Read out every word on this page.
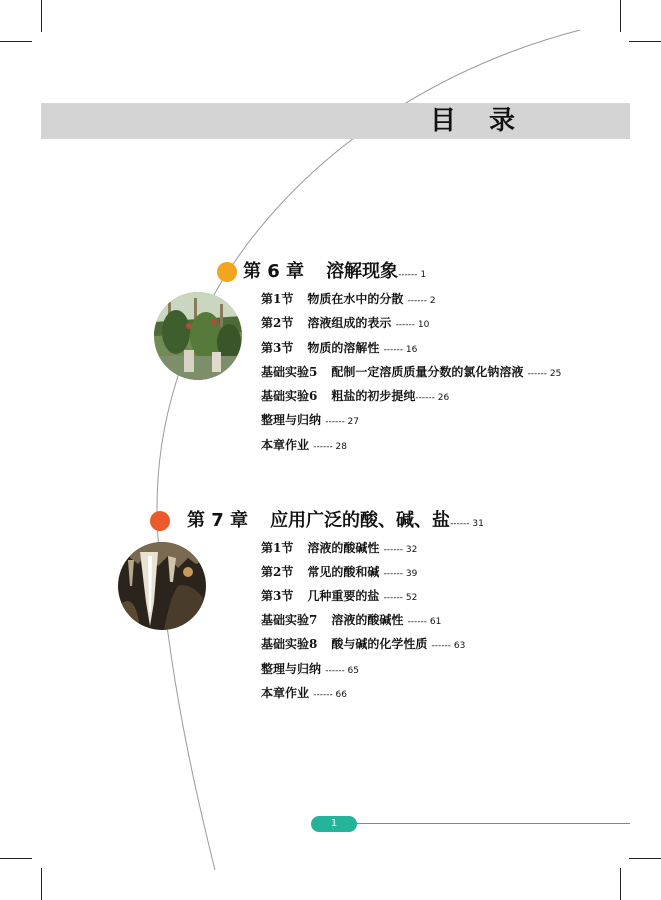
目 录
第 6 章 溶解现象------ 1
第1节 物质在水中的分散 ------ 2
第2节 溶液组成的表示 ------ 10
第3节 物质的溶解性 ------ 16
基础实验5 配制一定溶质质量分数的氯化钠溶液 ------ 25
基础实验6 粗盐的初步提纯------ 26
整理与归纳 ------ 27
本章作业 ------ 28
第 7 章 应用广泛的酸、碱、盐------ 31
第1节 溶液的酸碱性 ------ 32
第2节 常见的酸和碱 ------ 39
第3节 几种重要的盐 ------ 52
基础实验7 溶液的酸碱性 ------ 61
基础实验8 酸与碱的化学性质 ------ 63
整理与归纳 ------ 65
本章作业 ------ 66
1
